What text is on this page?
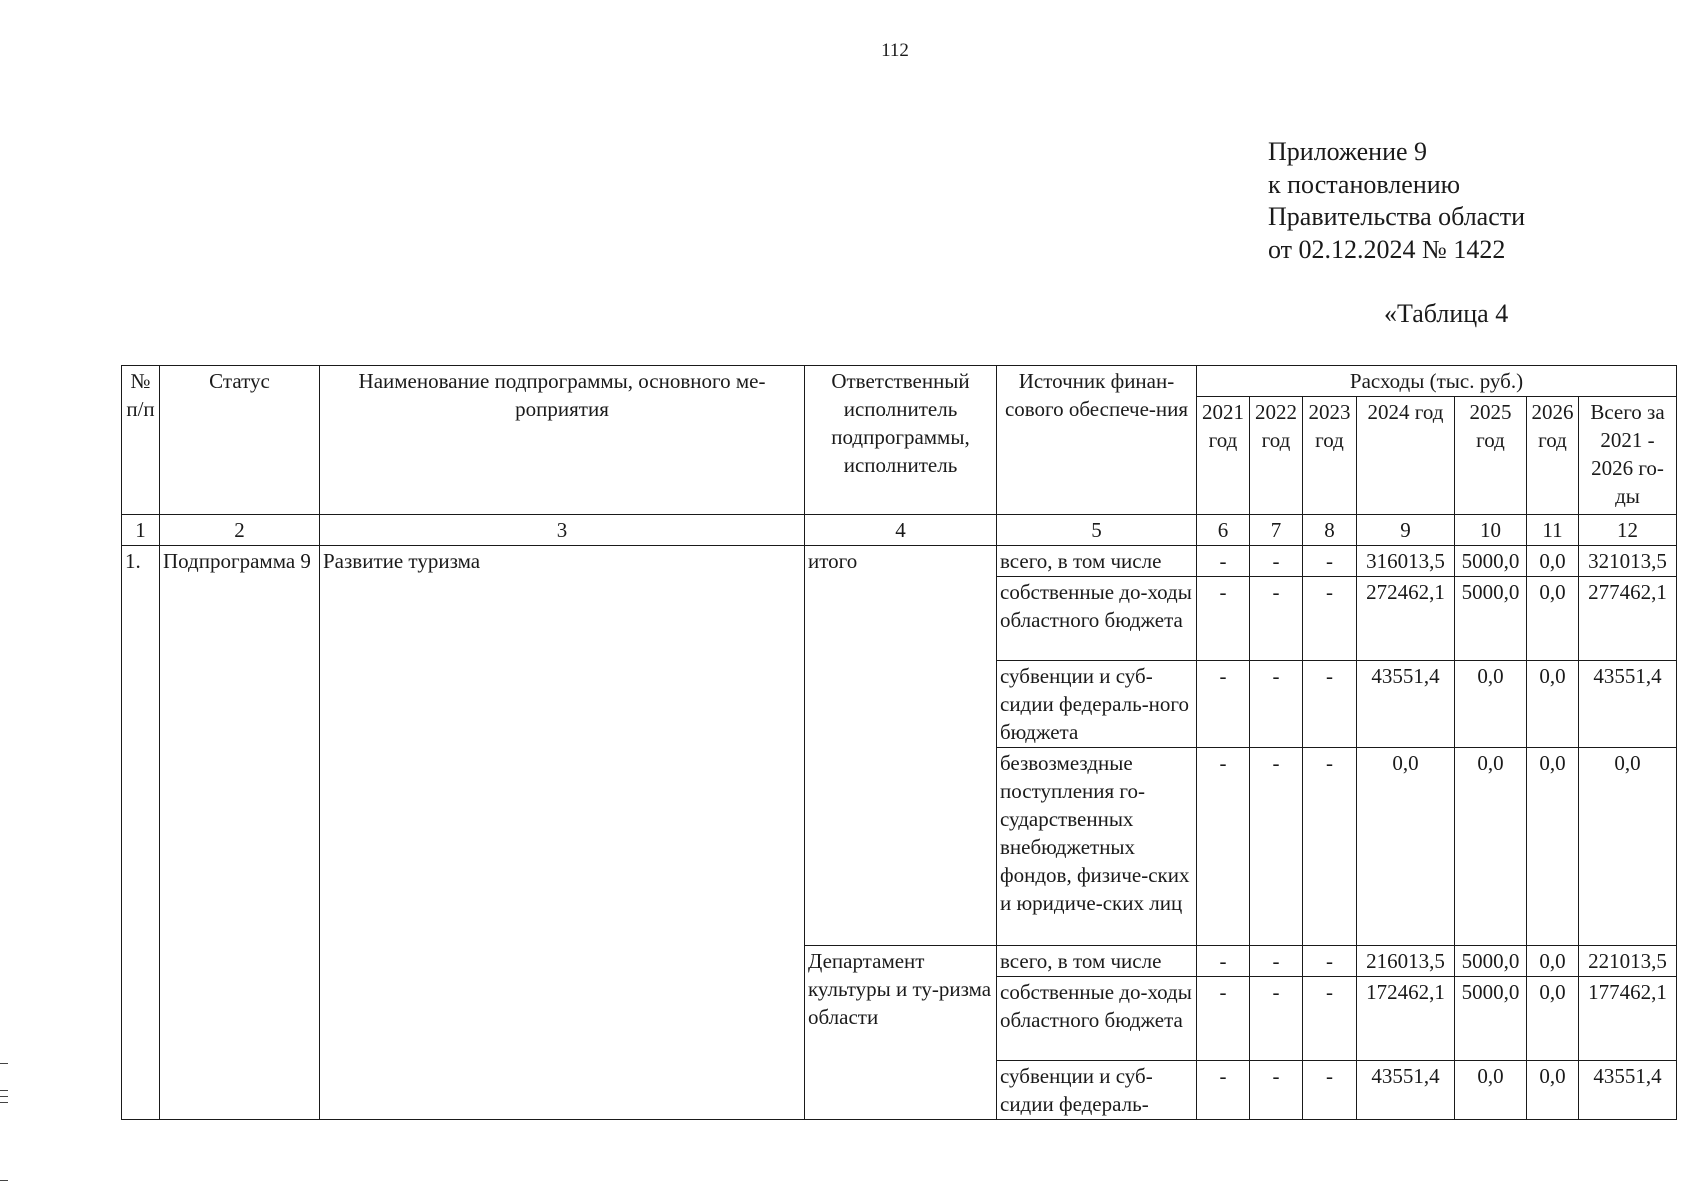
112
Приложение 9
к постановлению
Правительства области
от 02.12.2024 № 1422
«Таблица 4
№ п/п	Статус	Наименование подпрограммы, основного ме-роприятия	Ответственный исполнитель подпрограммы, исполнитель	Источник финан-сового обеспече-ния	Расходы (тыс. руб.)						
					2021 год	2022 год	2023 год	2024 год	2025 год	2026 год	Всего за 2021 - 2026 го-ды
1	2	3	4	5	6	7	8	9	10	11	12
1.	Подпрограмма 9	Развитие туризма	итого	всего, в том числе	-	-	-	316013,5	5000,0	0,0	321013,5
				собственные до-ходы областного бюджета	-	-	-	272462,1	5000,0	0,0	277462,1
				субвенции и суб-сидии федераль-ного бюджета	-	-	-	43551,4	0,0	0,0	43551,4
				безвозмездные поступления го-сударственных внебюджетных фондов, физиче-ских и юридиче-ских лиц	-	-	-	0,0	0,0	0,0	0,0
			Департамент культуры и ту-ризма области	всего, в том числе	-	-	-	216013,5	5000,0	0,0	221013,5
				собственные до-ходы областного бюджета	-	-	-	172462,1	5000,0	0,0	177462,1
				субвенции и суб-сидии федераль-	-	-	-	43551,4	0,0	0,0	43551,4
